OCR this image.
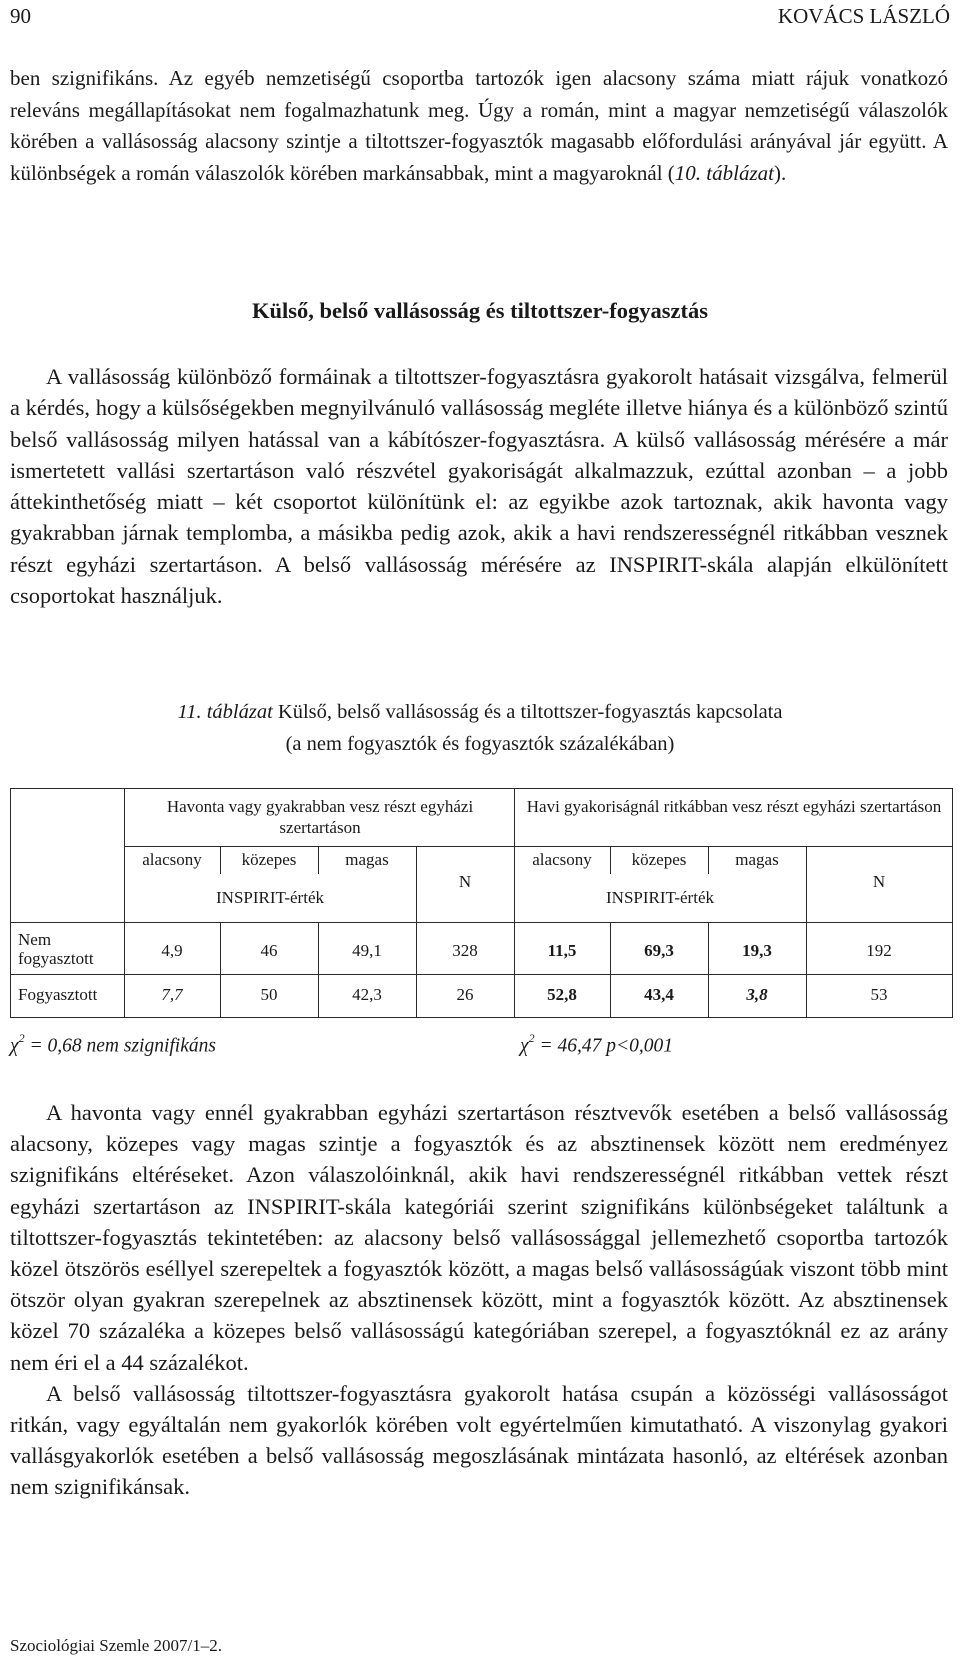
90	KOVÁCS LÁSZLÓ
ben szignifikáns. Az egyéb nemzetiségű csoportba tartozók igen alacsony száma miatt rájuk vonatkozó releváns megállapításokat nem fogalmazhatunk meg. Úgy a román, mint a magyar nemzetiségű válaszolók körében a vallásosság alacsony szintje a tiltottszer-fogyasztók magasabb előfordulási arányával jár együtt. A különbségek a román válaszolók körében markánsabbak, mint a magyaroknál (10. táblázat).
Külső, belső vallásosság és tiltottszer-fogyasztás
A vallásosság különböző formáinak a tiltottszer-fogyasztásra gyakorolt hatásait vizsgálva, felmerül a kérdés, hogy a külsőségekben megnyilvánuló vallásosság megléte illetve hiánya és a különböző szintű belső vallásosság milyen hatással van a kábítószer-fogyasztásra. A külső vallásosság mérésére a már ismertetett vallási szertartáson való részvétel gyakoriságát alkalmazzuk, ezúttal azonban – a jobb áttekinthetőség miatt – két csoportot különítünk el: az egyikbe azok tartoznak, akik havonta vagy gyakrabban járnak templomba, a másikba pedig azok, akik a havi rendszerességnél ritkábban vesznek részt egyházi szertartáson. A belső vallásosság mérésére az INSPIRIT-skála alapján elkülönített csoportokat használjuk.
11. táblázat Külső, belső vallásosság és a tiltottszer-fogyasztás kapcsolata
(a nem fogyasztók és fogyasztók százalékában)
Havonta vagy gyakrabban vesz részt egyházi szertartáson
Havi gyakoriságnál ritkábban vesz részt egyházi szertartáson
alacsony	közepes	magas
INSPIRIT-érték
N
alacsony	közepes	magas
INSPIRIT-érték
N
Nem fogyasztott	4,9	46	49,1	328	11,5	69,3	19,3	192
Fogyasztott	7,7	50	42,3	26	52,8	43,4	3,8	53
$\chi^2 = 0,68$ nem szignifikáns	$\chi^2 = 46,47$ p<0,001
A havonta vagy ennél gyakrabban egyházi szertartáson résztvevők esetében a belső vallásosság alacsony, közepes vagy magas szintje a fogyasztók és az absztinensek között nem eredményez szignifikáns eltéréseket. Azon válaszolóinknál, akik havi rendszerességnél ritkábban vettek részt egyházi szertartáson az INSPIRIT-skála kategóriái szerint szignifikáns különbségeket találtunk a tiltottszer-fogyasztás tekintetében: az alacsony belső vallásossággal jellemezhető csoportba tartozók közel ötszörös eséllyel szerepeltek a fogyasztók között, a magas belső vallásosságúak viszont több mint ötször olyan gyakran szerepelnek az absztinensek között, mint a fogyasztók között. Az absztinensek közel 70 százaléka a közepes belső vallásosságú kategóriában szerepel, a fogyasztóknál ez az arány nem éri el a 44 százalékot.
A belső vallásosság tiltottszer-fogyasztásra gyakorolt hatása csupán a közösségi vallásosságot ritkán, vagy egyáltalán nem gyakorlók körében volt egyértelműen kimutatható. A viszonylag gyakori vallásgyakorlók esetében a belső vallásosság megoszlásának mintázata hasonló, az eltérések azonban nem szignifikánsak.
Szociológiai Szemle 2007/1–2.
